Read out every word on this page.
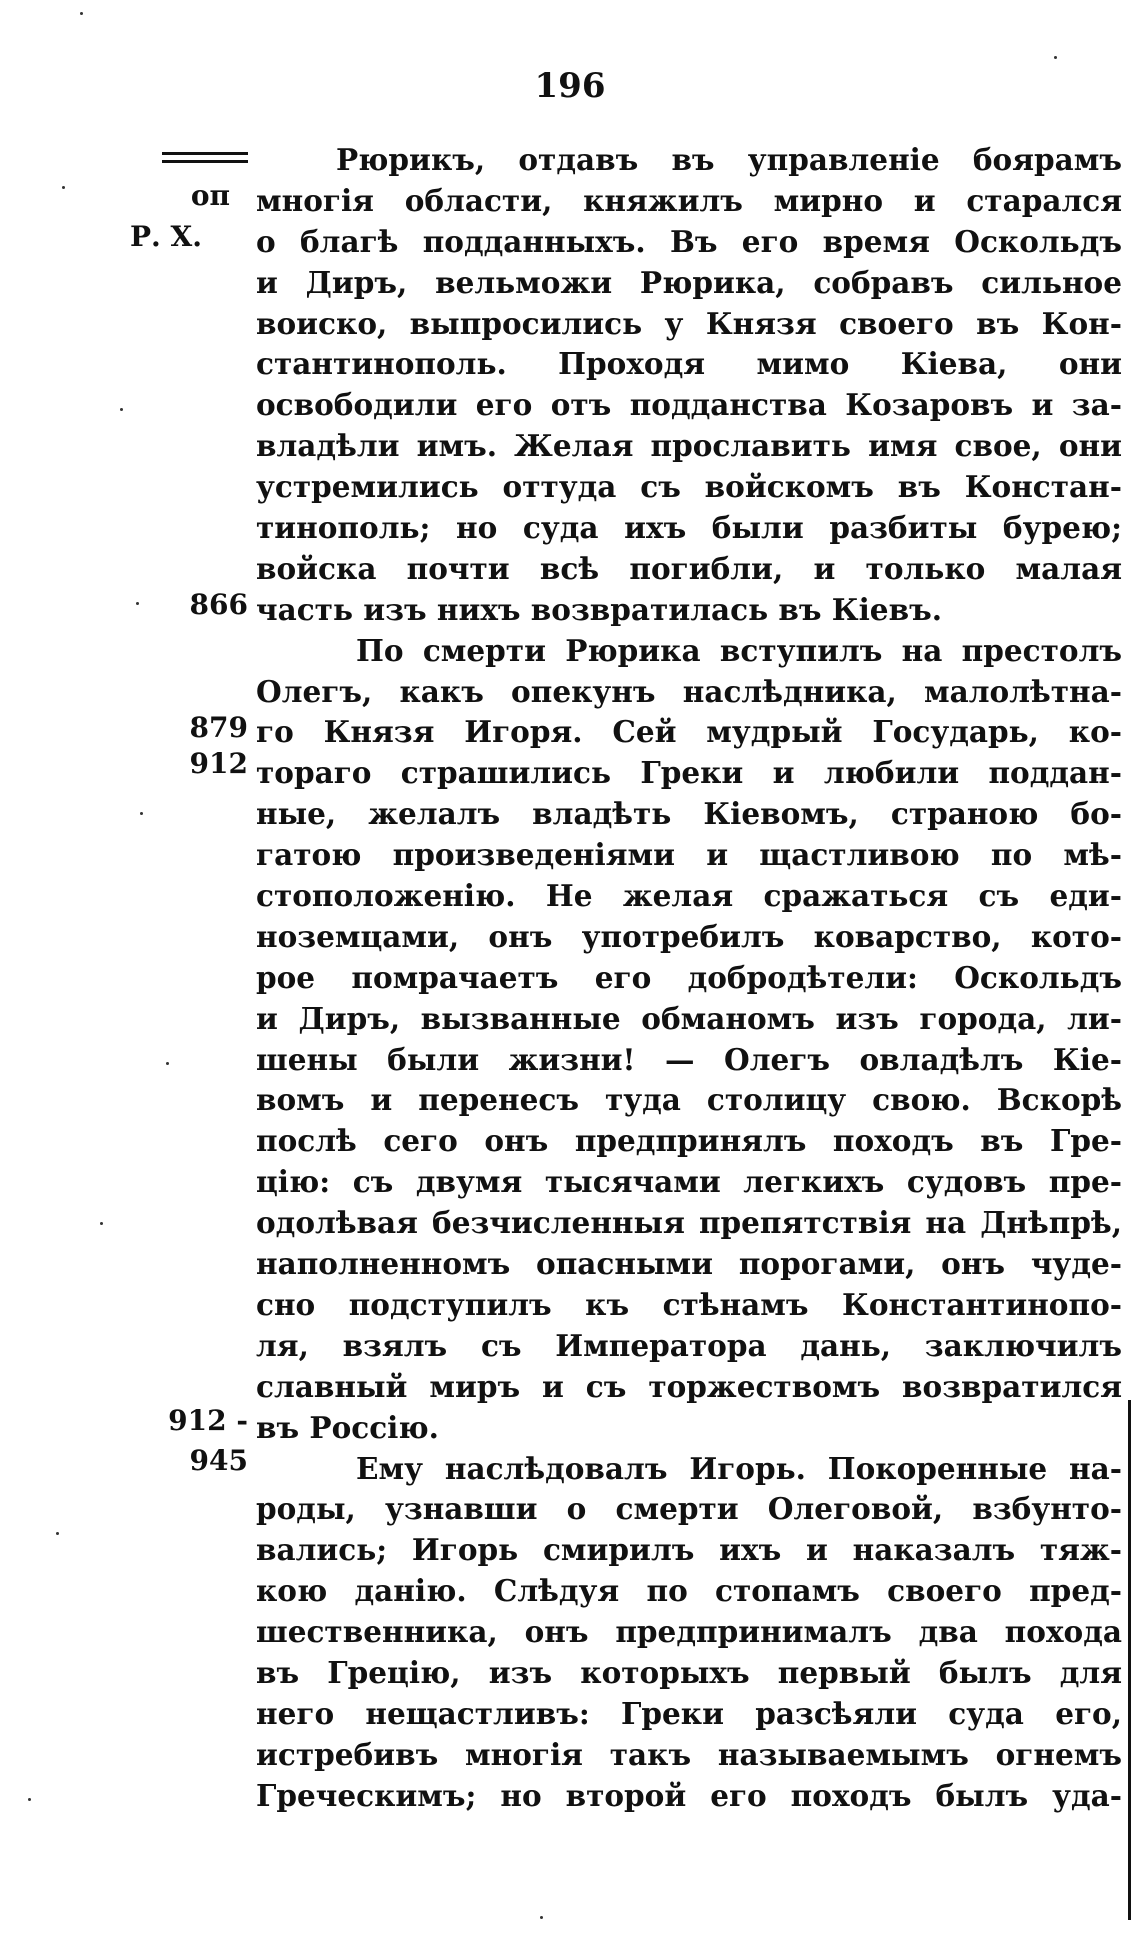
196
оп
Р. Х.
866
879
912
912 -
945
Рюрикъ, отдавъ въ управленіе боярамъ
многія области, княжилъ мирно и старался
о благѣ подданныхъ. Въ его время Оскольдъ
и Диръ, вельможи Рюрика, собравъ сильное
воиско, выпросились у Князя своего въ Кон-
стантинополь. Проходя мимо Кіева, они
освободили его отъ подданства Козаровъ и за-
владѣли имъ. Желая прославить имя свое, они
устремились оттуда съ войскомъ въ Констан-
тинополь; но суда ихъ были разбиты бурею;
войска почти всѣ погибли, и только малая
часть изъ нихъ возвратилась въ Кіевъ.
По смерти Рюрика вступилъ на престолъ
Олегъ, какъ опекунъ наслѣдника, малолѣтна-
го Князя Игоря. Сей мудрый Государь, ко-
тораго страшились Греки и любили поддан-
ные, желалъ владѣть Кіевомъ, страною бо-
гатою произведеніями и щастливою по мѣ-
стоположенію. Не желая сражаться съ еди-
ноземцами, онъ употребилъ коварство, кото-
рое помрачаетъ его добродѣтели: Оскольдъ
и Диръ, вызванные обманомъ изъ города, ли-
шены были жизни! — Олегъ овладѣлъ Кіе-
вомъ и перенесъ туда столицу свою. Вскорѣ
послѣ сего онъ предпринялъ походъ въ Гре-
цію: съ двумя тысячами легкихъ судовъ пре-
одолѣвая безчисленныя препятствія на Днѣпрѣ,
наполненномъ опасными порогами, онъ чуде-
сно подступилъ къ стѣнамъ Константинопо-
ля, взялъ съ Императора дань, заключилъ
славный миръ и съ торжествомъ возвратился
въ Россію.
Ему наслѣдовалъ Игорь. Покоренные на-
роды, узнавши о смерти Олеговой, взбунто-
вались; Игорь смирилъ ихъ и наказалъ тяж-
кою данію. Слѣдуя по стопамъ своего пред-
шественника, онъ предпринималъ два похода
въ Грецію, изъ которыхъ первый былъ для
него нещастливъ: Греки разсѣяли суда его,
истребивъ многія такъ называемымъ огнемъ
Греческимъ; но второй его походъ былъ уда-
